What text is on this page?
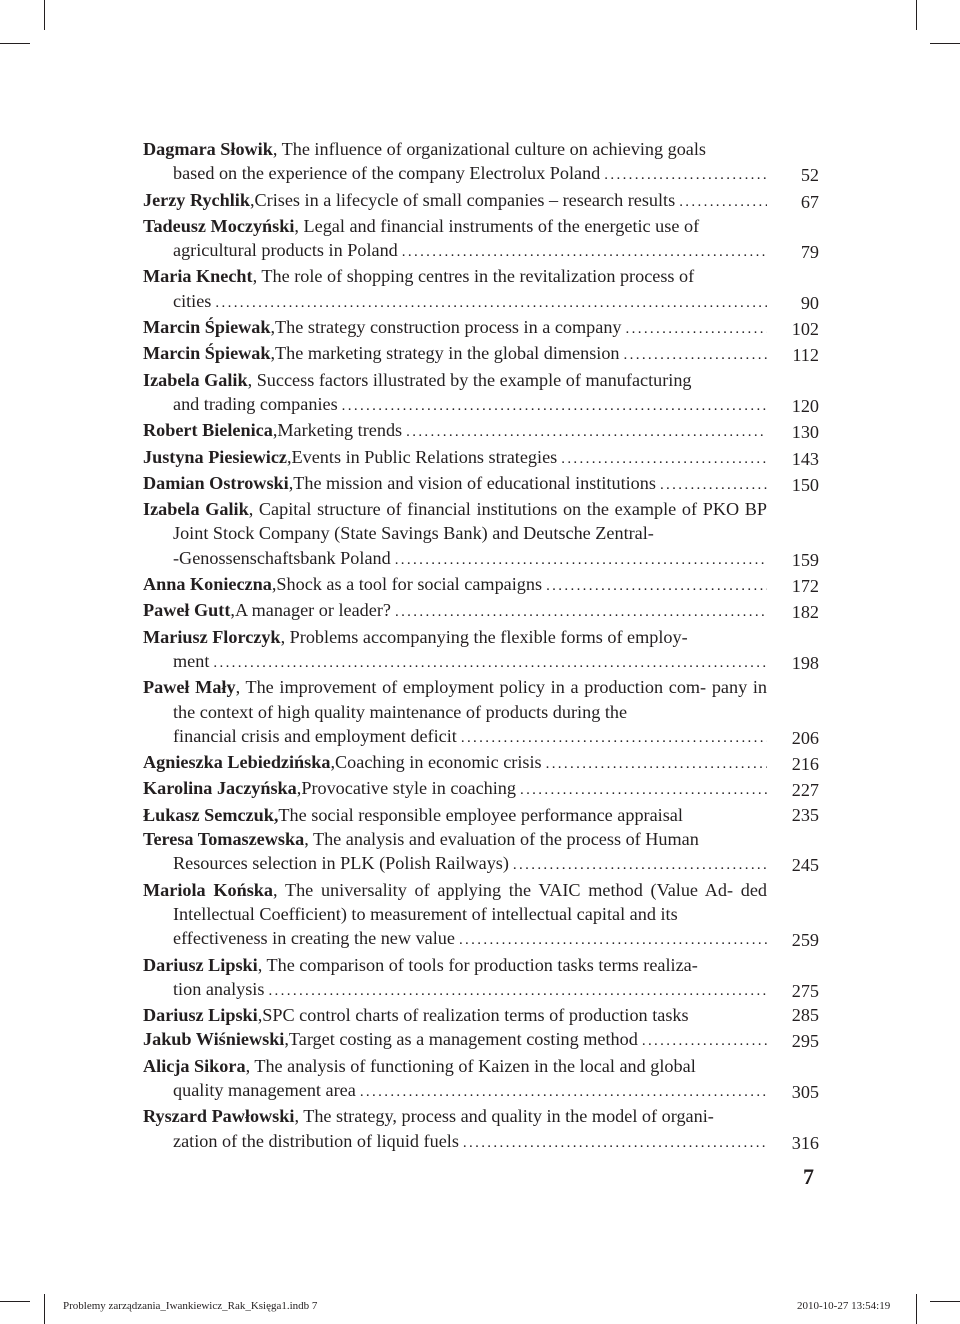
Dagmara Słowik, The influence of organizational culture on achieving goals
based on the experience of the company Electrolux Poland . . .	52
Jerzy Rychlik , Crises in a lifecycle of small companies – research results . . .	67
Tadeusz Moczyński, Legal and financial instruments of the energetic use of
agricultural products in Poland . . .	79
Maria Knecht, The role of shopping centres in the revitalization process of
cities . . .	90
Marcin Śpiewak , The strategy construction process in a company . . .	102
Marcin Śpiewak , The marketing strategy in the global dimension . . .	112
Izabela Galik, Success factors illustrated by the example of manufacturing
and trading companies . . .	120
Robert Bielenica , Marketing trends . . .	130
Justyna Piesiewicz , Events in Public Relations strategies . . .	143
Damian Ostrowski , The mission and vision of educational institutions . . .	150
Izabela Galik, Capital structure of financial institutions on the example of PKO BP Joint Stock Company (State Savings Bank) and Deutsche Zentral-
-Genossenschaftsbank Poland . . .	159
Anna Konieczna , Shock as a tool for social campaigns . . .	172
Paweł Gutt , A manager or leader? . . .	182
Mariusz Florczyk, Problems accompanying the flexible forms of employ-
ment . . .	198
Paweł Mały, The improvement of employment policy in a production com- pany in the context of high quality maintenance of products during the
financial crisis and employment deficit . . .	206
Agnieszka Lebiedzińska , Coaching in economic crisis . . .	216
Karolina Jaczyńska , Provocative style in coaching . . .	227
Łukasz Semczuk, The social responsible employee performance appraisal	235
Teresa Tomaszewska, The analysis and evaluation of the process of Human
Resources selection in PLK (Polish Railways) . . .	245
Mariola Końska, The universality of applying the VAIC method (Value Ad- ded Intellectual Coefficient) to measurement of intellectual capital and its
effectiveness in creating the new value . . .	259
Dariusz Lipski, The comparison of tools for production tasks terms realiza-
tion analysis . . .	275
Dariusz Lipski , SPC control charts of realization terms of production tasks	285
Jakub Wiśniewski , Target costing as a management costing method . . .	295
Alicja Sikora, The analysis of functioning of Kaizen in the local and global
quality management area . . .	305
Ryszard Pawłowski, The strategy, process and quality in the model of organi-
zation of the distribution of liquid fuels . . .	316
7
Problemy zarządzania_Iwankiewicz_Rak_Księga1.indb 7	2010-10-27 13:54:19
